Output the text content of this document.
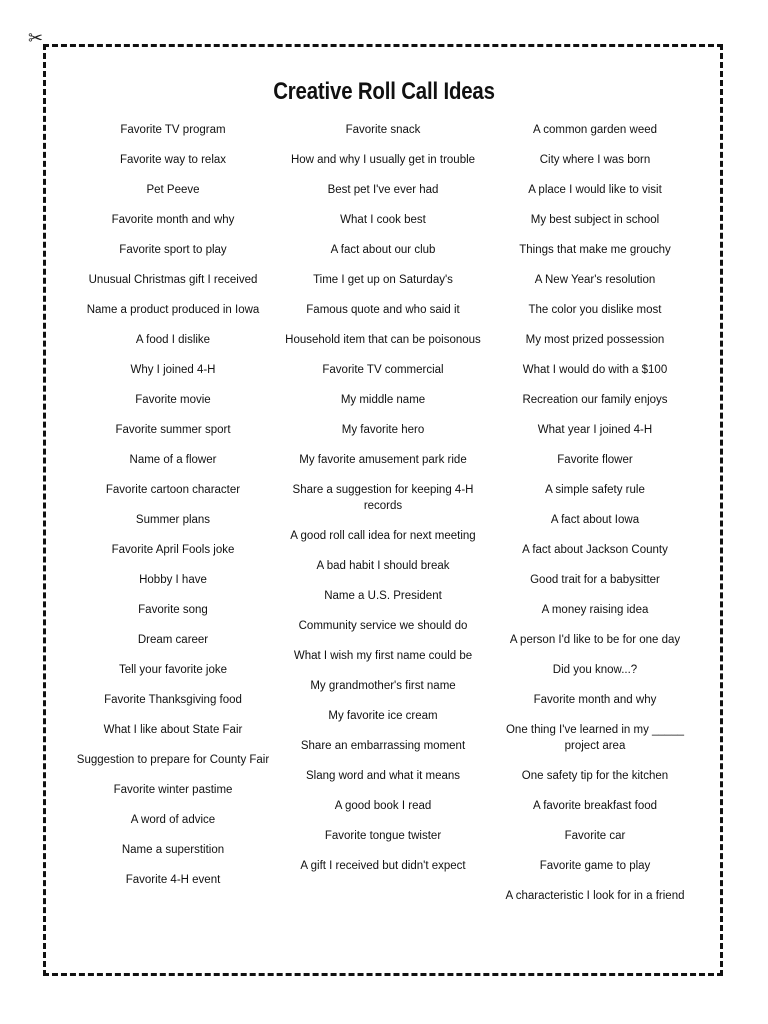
✂
Creative Roll Call Ideas
Favorite TV program
Favorite way to relax
Pet Peeve
Favorite month and why
Favorite sport to play
Unusual Christmas gift I received
Name a product produced in Iowa
A food I dislike
Why I joined 4-H
Favorite movie
Favorite summer sport
Name of a flower
Favorite cartoon character
Summer plans
Favorite April Fools joke
Hobby I have
Favorite song
Dream career
Tell your favorite joke
Favorite Thanksgiving food
What I like about State Fair
Suggestion to prepare for County Fair
Favorite winter pastime
A word of advice
Name a superstition
Favorite 4-H event
Favorite snack
How and why I usually get in trouble
Best pet I've ever had
What I cook best
A fact about our club
Time I get up on Saturday's
Famous quote and who said it
Household item that can be poisonous
Favorite TV commercial
My middle name
My favorite hero
My favorite amusement park ride
Share a suggestion for keeping 4-H records
A good roll call idea for next meeting
A bad habit I should break
Name a U.S. President
Community service we should do
What I wish my first name could be
My grandmother's first name
My favorite ice cream
Share an embarrassing moment
Slang word and what it means
A good book I read
Favorite tongue twister
A gift I received but didn't expect
A common garden weed
City where I was born
A place I would like to visit
My best subject in school
Things that make me grouchy
A New Year's resolution
The color you dislike most
My most prized possession
What I would do with a $100
Recreation our family enjoys
What year I joined 4-H
Favorite flower
A simple safety rule
A fact about Iowa
A fact about Jackson County
Good trait for a babysitter
A money raising idea
A person I'd like to be for one day
Did you know...?
Favorite month and why
One thing I've learned in my _____ project area
One safety tip for the kitchen
A favorite breakfast food
Favorite car
Favorite game to play
A characteristic I look for in a friend
